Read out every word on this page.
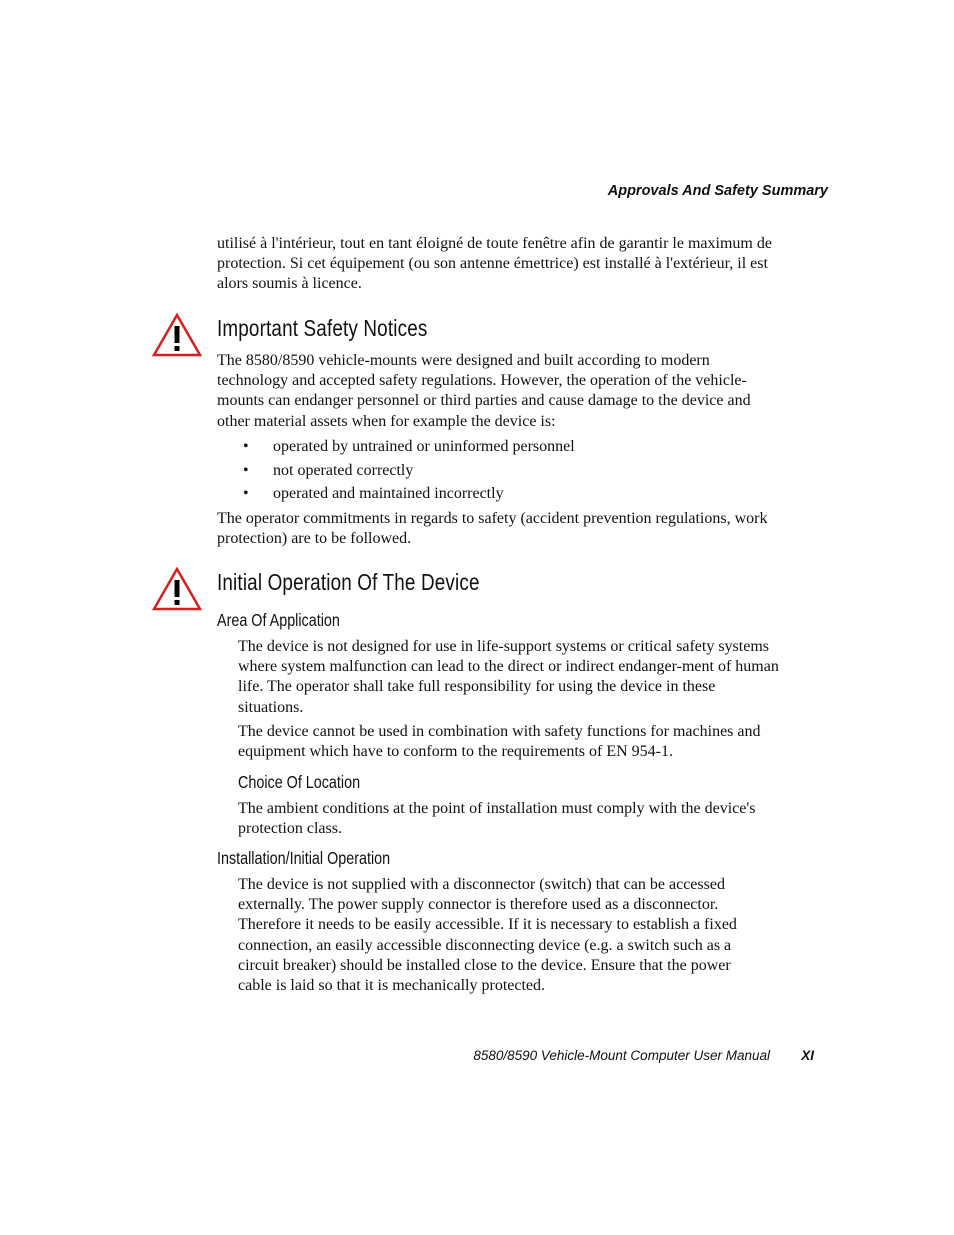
Approvals And Safety Summary

utilisé à l'intérieur, tout en tant éloigné de toute fenêtre afin de garantir le maximum de protection. Si cet équipement (ou son antenne émettrice) est installé à l'extérieur, il est alors soumis à licence.

Important Safety Notices

The 8580/8590 vehicle-mounts were designed and built according to modern technology and accepted safety regulations. However, the operation of the vehicle-mounts can endanger personnel or third parties and cause damage to the device and other material assets when for example the device is:

• operated by untrained or uninformed personnel
• not operated correctly
• operated and maintained incorrectly

The operator commitments in regards to safety (accident prevention regulations, work protection) are to be followed.

Initial Operation Of The Device
Area Of Application

The device is not designed for use in life-support systems or critical safety systems where system malfunction can lead to the direct or indirect endanger-ment of human life. The operator shall take full responsibility for using the device in these situations.

The device cannot be used in combination with safety functions for machines and equipment which have to conform to the requirements of EN 954-1.

Choice Of Location

The ambient conditions at the point of installation must comply with the device's protection class.

Installation/Initial Operation

The device is not supplied with a disconnector (switch) that can be accessed externally. The power supply connector is therefore used as a disconnector. Therefore it needs to be easily accessible. If it is necessary to establish a fixed connection, an easily accessible disconnecting device (e.g. a switch such as a circuit breaker) should be installed close to the device. Ensure that the power cable is laid so that it is mechanically protected.

8580/8590 Vehicle-Mount Computer User Manual	XI
